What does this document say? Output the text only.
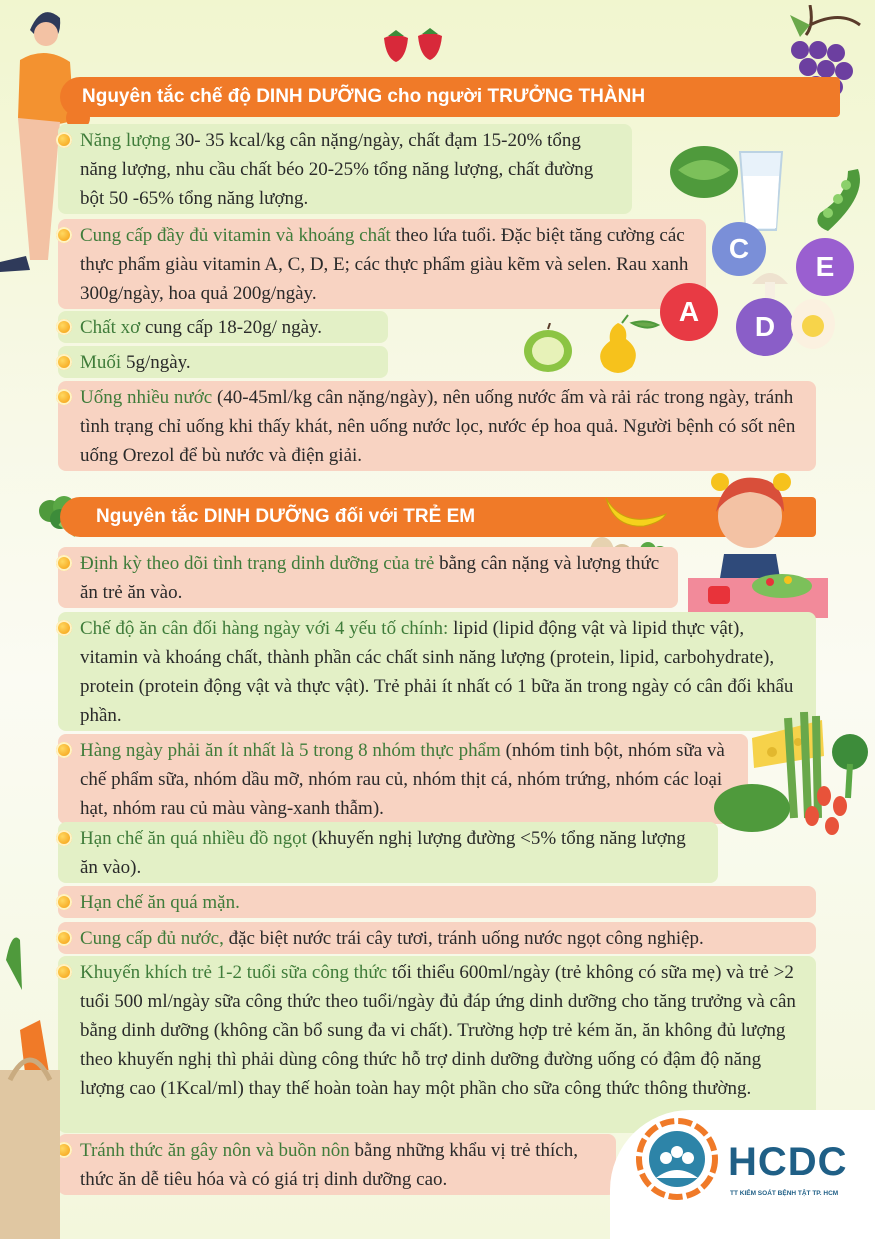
Nguyên tắc chế độ DINH DƯỠNG cho người TRƯỞNG THÀNH
Năng lượng 30- 35 kcal/kg cân nặng/ngày, chất đạm 15-20% tổng năng lượng, nhu cầu chất béo 20-25% tổng năng lượng, chất đường bột 50 -65% tổng năng lượng.
Cung cấp đầy đủ vitamin và khoáng chất theo lứa tuổi. Đặc biệt tăng cường các thực phẩm giàu vitamin A, C, D, E; các thực phẩm giàu kẽm và selen. Rau xanh 300g/ngày, hoa quả 200g/ngày.
Chất xơ cung cấp 18-20g/ ngày.
Muối 5g/ngày.
Uống nhiều nước (40-45ml/kg cân nặng/ngày), nên uống nước ấm và rải rác trong ngày, tránh tình trạng chỉ uống khi thấy khát, nên uống nước lọc, nước ép hoa quả. Người bệnh có sốt nên uống Orezol để bù nước và điện giải.
C
E
A	D
Nguyên tắc DINH DƯỠNG đối với TRẺ EM
Định kỳ theo dõi tình trạng dinh dưỡng của trẻ bằng cân nặng và lượng thức ăn trẻ ăn vào.
Chế độ ăn cân đối hàng ngày với 4 yếu tố chính: lipid (lipid động vật và lipid thực vật), vitamin và khoáng chất, thành phần các chất sinh năng lượng (protein, lipid, carbohydrate), protein (protein động vật và thực vật). Trẻ phải ít nhất có 1 bữa ăn trong ngày có cân đối khẩu phần.
Hàng ngày phải ăn ít nhất là 5 trong 8 nhóm thực phẩm (nhóm tinh bột, nhóm sữa và chế phẩm sữa, nhóm dầu mỡ, nhóm rau củ, nhóm thịt cá, nhóm trứng, nhóm các loại hạt, nhóm rau củ màu vàng-xanh thẫm).
Hạn chế ăn quá nhiều đồ ngọt (khuyến nghị lượng đường <5% tổng năng lượng ăn vào).
Hạn chế ăn quá mặn.
Cung cấp đủ nước, đặc biệt nước trái cây tươi, tránh uống nước ngọt công nghiệp.
Khuyến khích trẻ 1-2 tuổi sữa công thức tối thiểu 600ml/ngày (trẻ không có sữa mẹ) và trẻ >2 tuổi 500 ml/ngày sữa công thức theo tuổi/ngày đủ đáp ứng dinh dưỡng cho tăng trưởng và cân bằng dinh dưỡng (không cần bổ sung đa vi chất). Trường hợp trẻ kém ăn, ăn không đủ lượng theo khuyến nghị thì phải dùng công thức hỗ trợ dinh dưỡng đường uống có đậm độ năng lượng cao (1Kcal/ml) thay thế hoàn toàn hay một phần cho sữa công thức thông thường.
Tránh thức ăn gây nôn và buồn nôn bằng những khẩu vị trẻ thích, thức ăn dễ tiêu hóa và có giá trị dinh dưỡng cao.	HCDC
TT KIỂM SOÁT BỆNH TẬT TP. HCM
